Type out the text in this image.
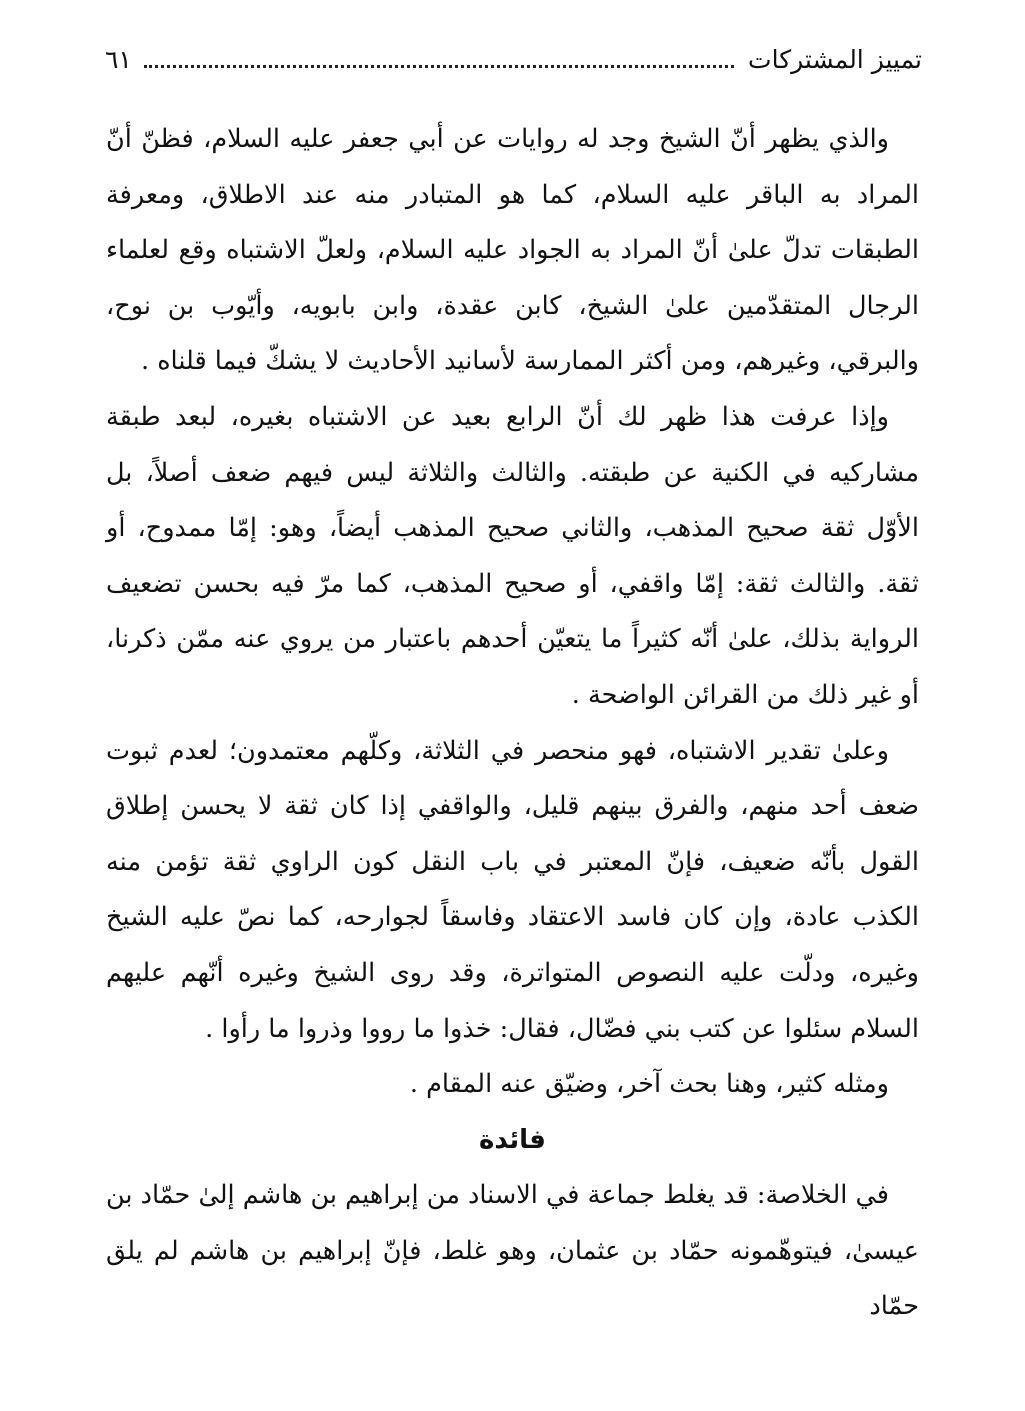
تمييز المشتركات
٦١

والذي يظهر أنّ الشيخ وجد له روايات عن أبي جعفر عليه السلام، فظنّ أنّ المراد به الباقر عليه السلام، كما هو المتبادر منه عند الاطلاق، ومعرفة الطبقات تدلّ علىٰ أنّ المراد به الجواد عليه السلام، ولعلّ الاشتباه وقع لعلماء الرجال المتقدّمين علىٰ الشيخ، كابن عقدة، وابن بابويه، وأيّوب بن نوح، والبرقي، وغيرهم، ومن أكثر الممارسة لأسانيد الأحاديث لا يشكّ فيما قلناه .

وإذا عرفت هذا ظهر لك أنّ الرابع بعيد عن الاشتباه بغيره، لبعد طبقة مشاركيه في الكنية عن طبقته. والثالث والثلاثة ليس فيهم ضعف أصلاً، بل الأوّل ثقة صحيح المذهب، والثاني صحيح المذهب أيضاً، وهو: إمّا ممدوح، أو ثقة. والثالث ثقة: إمّا واقفي، أو صحيح المذهب، كما مرّ فيه بحسن تضعيف الرواية بذلك، علىٰ أنّه كثيراً ما يتعيّن أحدهم باعتبار من يروي عنه ممّن ذكرنا، أو غير ذلك من القرائن الواضحة .

وعلىٰ تقدير الاشتباه، فهو منحصر في الثلاثة، وكلّهم معتمدون؛ لعدم ثبوت ضعف أحد منهم، والفرق بينهم قليل، والواقفي إذا كان ثقة لا يحسن إطلاق القول بأنّه ضعيف، فإنّ المعتبر في باب النقل كون الراوي ثقة تؤمن منه الكذب عادة، وإن كان فاسد الاعتقاد وفاسقاً لجوارحه، كما نصّ عليه الشيخ وغيره، ودلّت عليه النصوص المتواترة، وقد روى الشيخ وغيره أنّهم عليهم السلام سئلوا عن كتب بني فضّال، فقال: خذوا ما رووا وذروا ما رأوا .

ومثله كثير، وهنا بحث آخر، وضيّق عنه المقام .

فائدة

في الخلاصة: قد يغلط جماعة في الاسناد من إبراهيم بن هاشم إلىٰ حمّاد بن عيسىٰ، فيتوهّمونه حمّاد بن عثمان، وهو غلط، فإنّ إبراهيم بن هاشم لم يلق حمّاد
